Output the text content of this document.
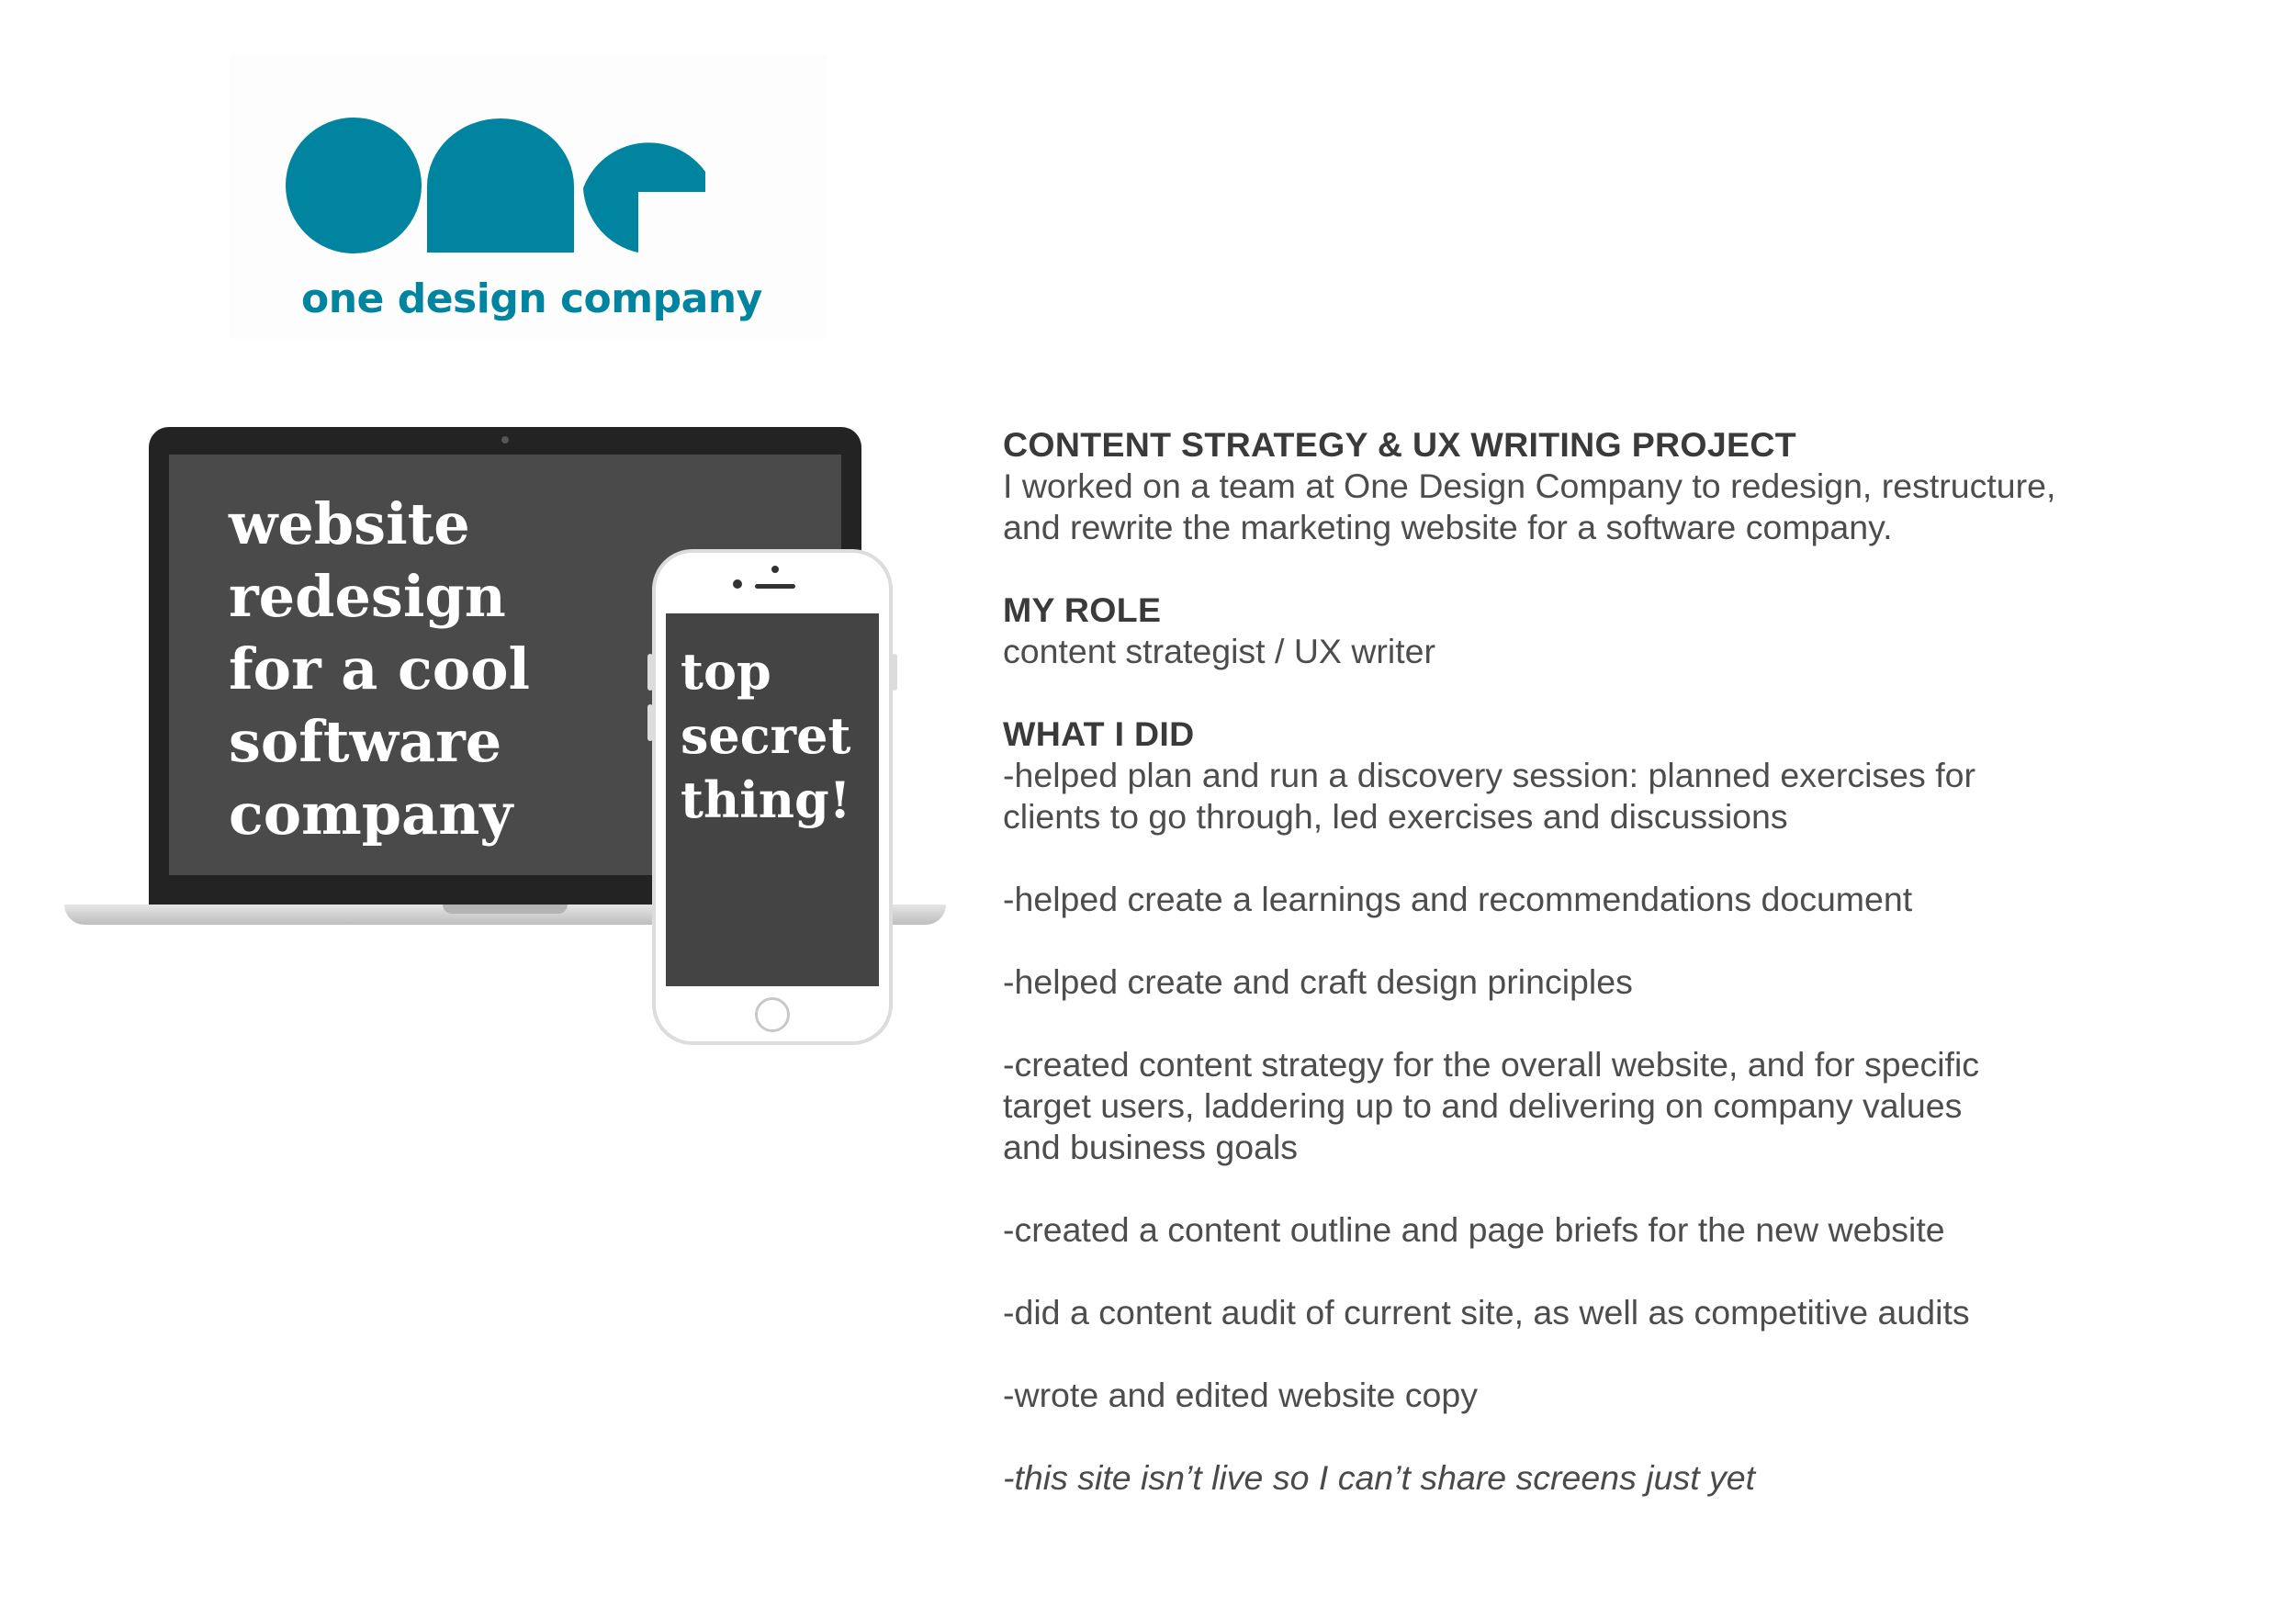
one design company
website redesign for a cool software company
top secret thing!
CONTENT STRATEGY & UX WRITING PROJECT

I worked on a team at One Design Company to redesign, restructure,

and rewrite the marketing website for a software company.

MY ROLE

content strategist / UX writer

WHAT I DID

-helped plan and run a discovery session: planned exercises for

clients to go through, led exercises and discussions

-helped create a learnings and recommendations document

-helped create and craft design principles

-created content strategy for the overall website, and for specific

target users, laddering up to and delivering on company values

and business goals

-created a content outline and page briefs for the new website

-did a content audit of current site, as well as competitive audits

-wrote and edited website copy

-this site isn’t live so I can’t share screens just yet
